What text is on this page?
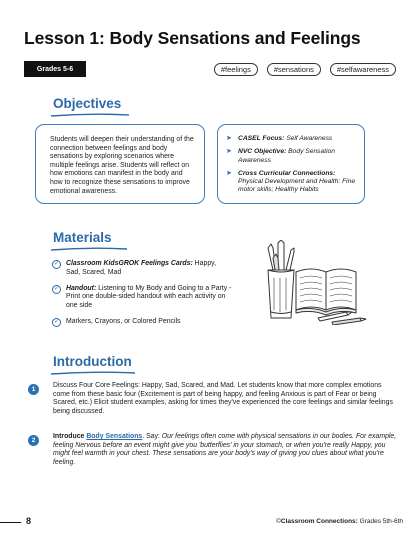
Lesson 1: Body Sensations and Feelings
Grades 5-6	#feelings	#sensations	#selfawareness
Objectives

Students will deepen their understanding of the connection between feelings and body sensations by exploring scenarios where multiple feelings arise. Students will reflect on how emotions can manifest in the body and how to recognize these sensations to improve emotional awareness.

➤ CASEL Focus: Self Awareness
➤ NVC Objective: Body Sensation Awareness
➤ Cross Curricular Connections: Physical Development and Health: Fine motor skills; Healthy Habits
Materials
✓ Classroom KidsGROK Feelings Cards: Happy, Sad, Scared, Mad
✓ Handout: Listening to My Body and Going to a Party - Print one double-sided handout with each activity on one side
✓ Markers, Crayons, or Colored Pencils
Introduction
1

Discuss Four Core Feelings: Happy, Sad, Scared, and Mad. Let students know that more complex emotions come from these basic four (Excitement is part of being happy, and feeling Anxious is part of Fear or being Scared, etc.) Elicit student examples, asking for times they've experienced the core feelings and similar feelings being discussed.

2

Introduce Body Sensations. Say: Our feelings often come with physical sensations in our bodies. For example, feeling Nervous before an event might give you 'butterflies' in your stomach, or when you're really Happy, you might feel warmth in your chest. These sensations are your body's way of giving you clues about what you're feeling.

8	©Classroom Connections: Grades 5th-6th
